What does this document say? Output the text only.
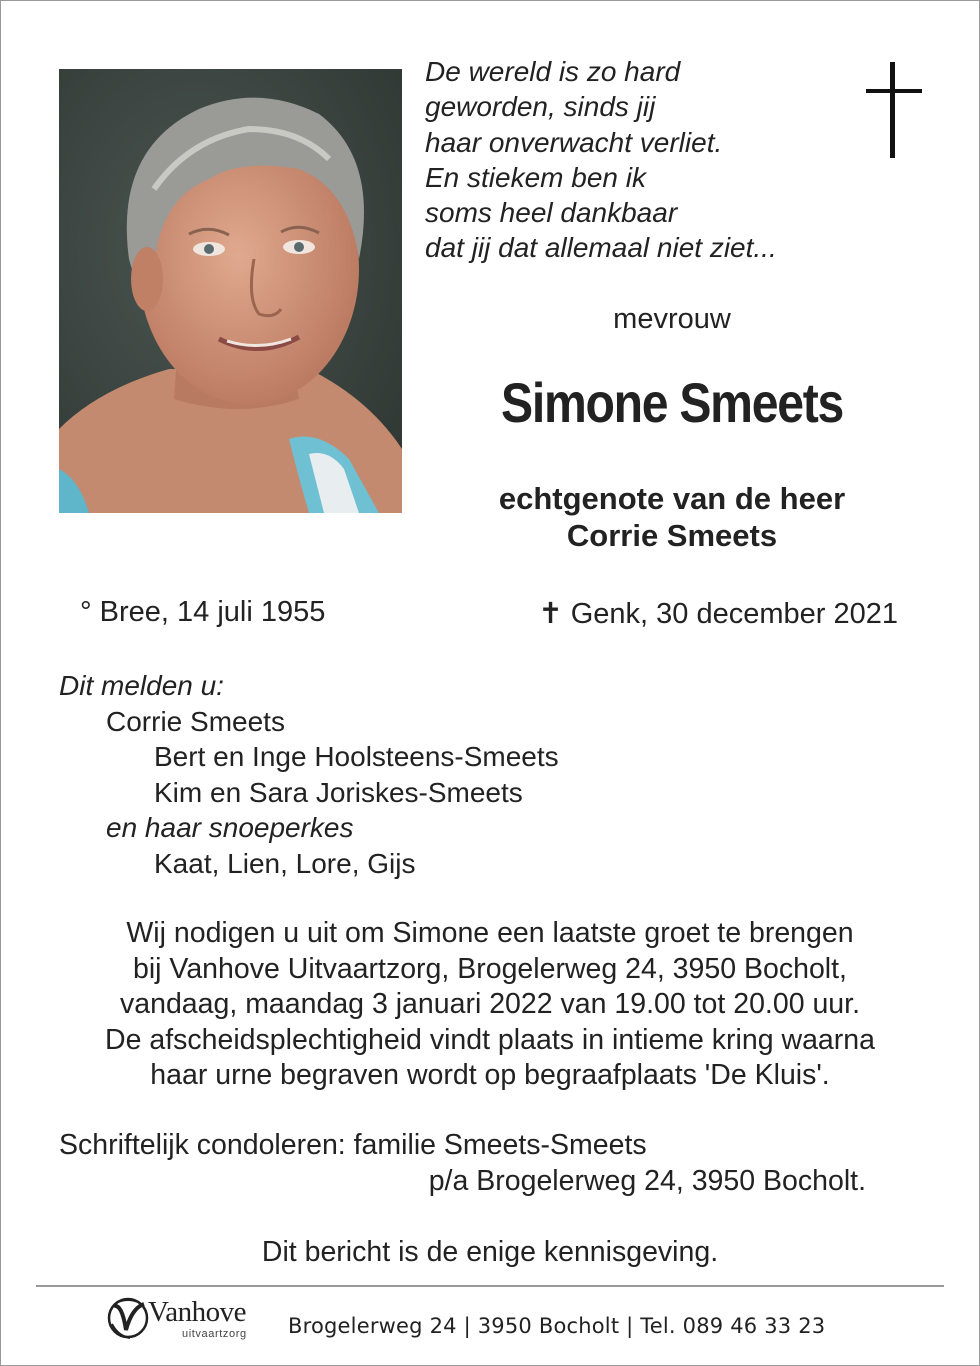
De wereld is zo hard
geworden, sinds jij
haar onverwacht verliet.
En stiekem ben ik
soms heel dankbaar
dat jij dat allemaal niet ziet...
mevrouw
Simone Smeets
echtgenote van de heer
Corrie Smeets
° Bree, 14 juli 1955	✝ Genk, 30 december 2021
Dit melden u:
Corrie Smeets
Bert en Inge Hoolsteens-Smeets
Kim en Sara Joriskes-Smeets
en haar snoeperkes
Kaat, Lien, Lore, Gijs
Wij nodigen u uit om Simone een laatste groet te brengen
bij Vanhove Uitvaartzorg, Brogelerweg 24, 3950 Bocholt,
vandaag, maandag 3 januari 2022 van 19.00 tot 20.00 uur.
De afscheidsplechtigheid vindt plaats in intieme kring waarna
haar urne begraven wordt op begraafplaats 'De Kluis'.
Schriftelijk condoleren: familie Smeets-Smeets
p/a Brogelerweg 24, 3950 Bocholt.
Dit bericht is de enige kennisgeving.
Vanhove
uitvaartzorg Brogelerweg 24 | 3950 Bocholt | Tel. 089 46 33 23
